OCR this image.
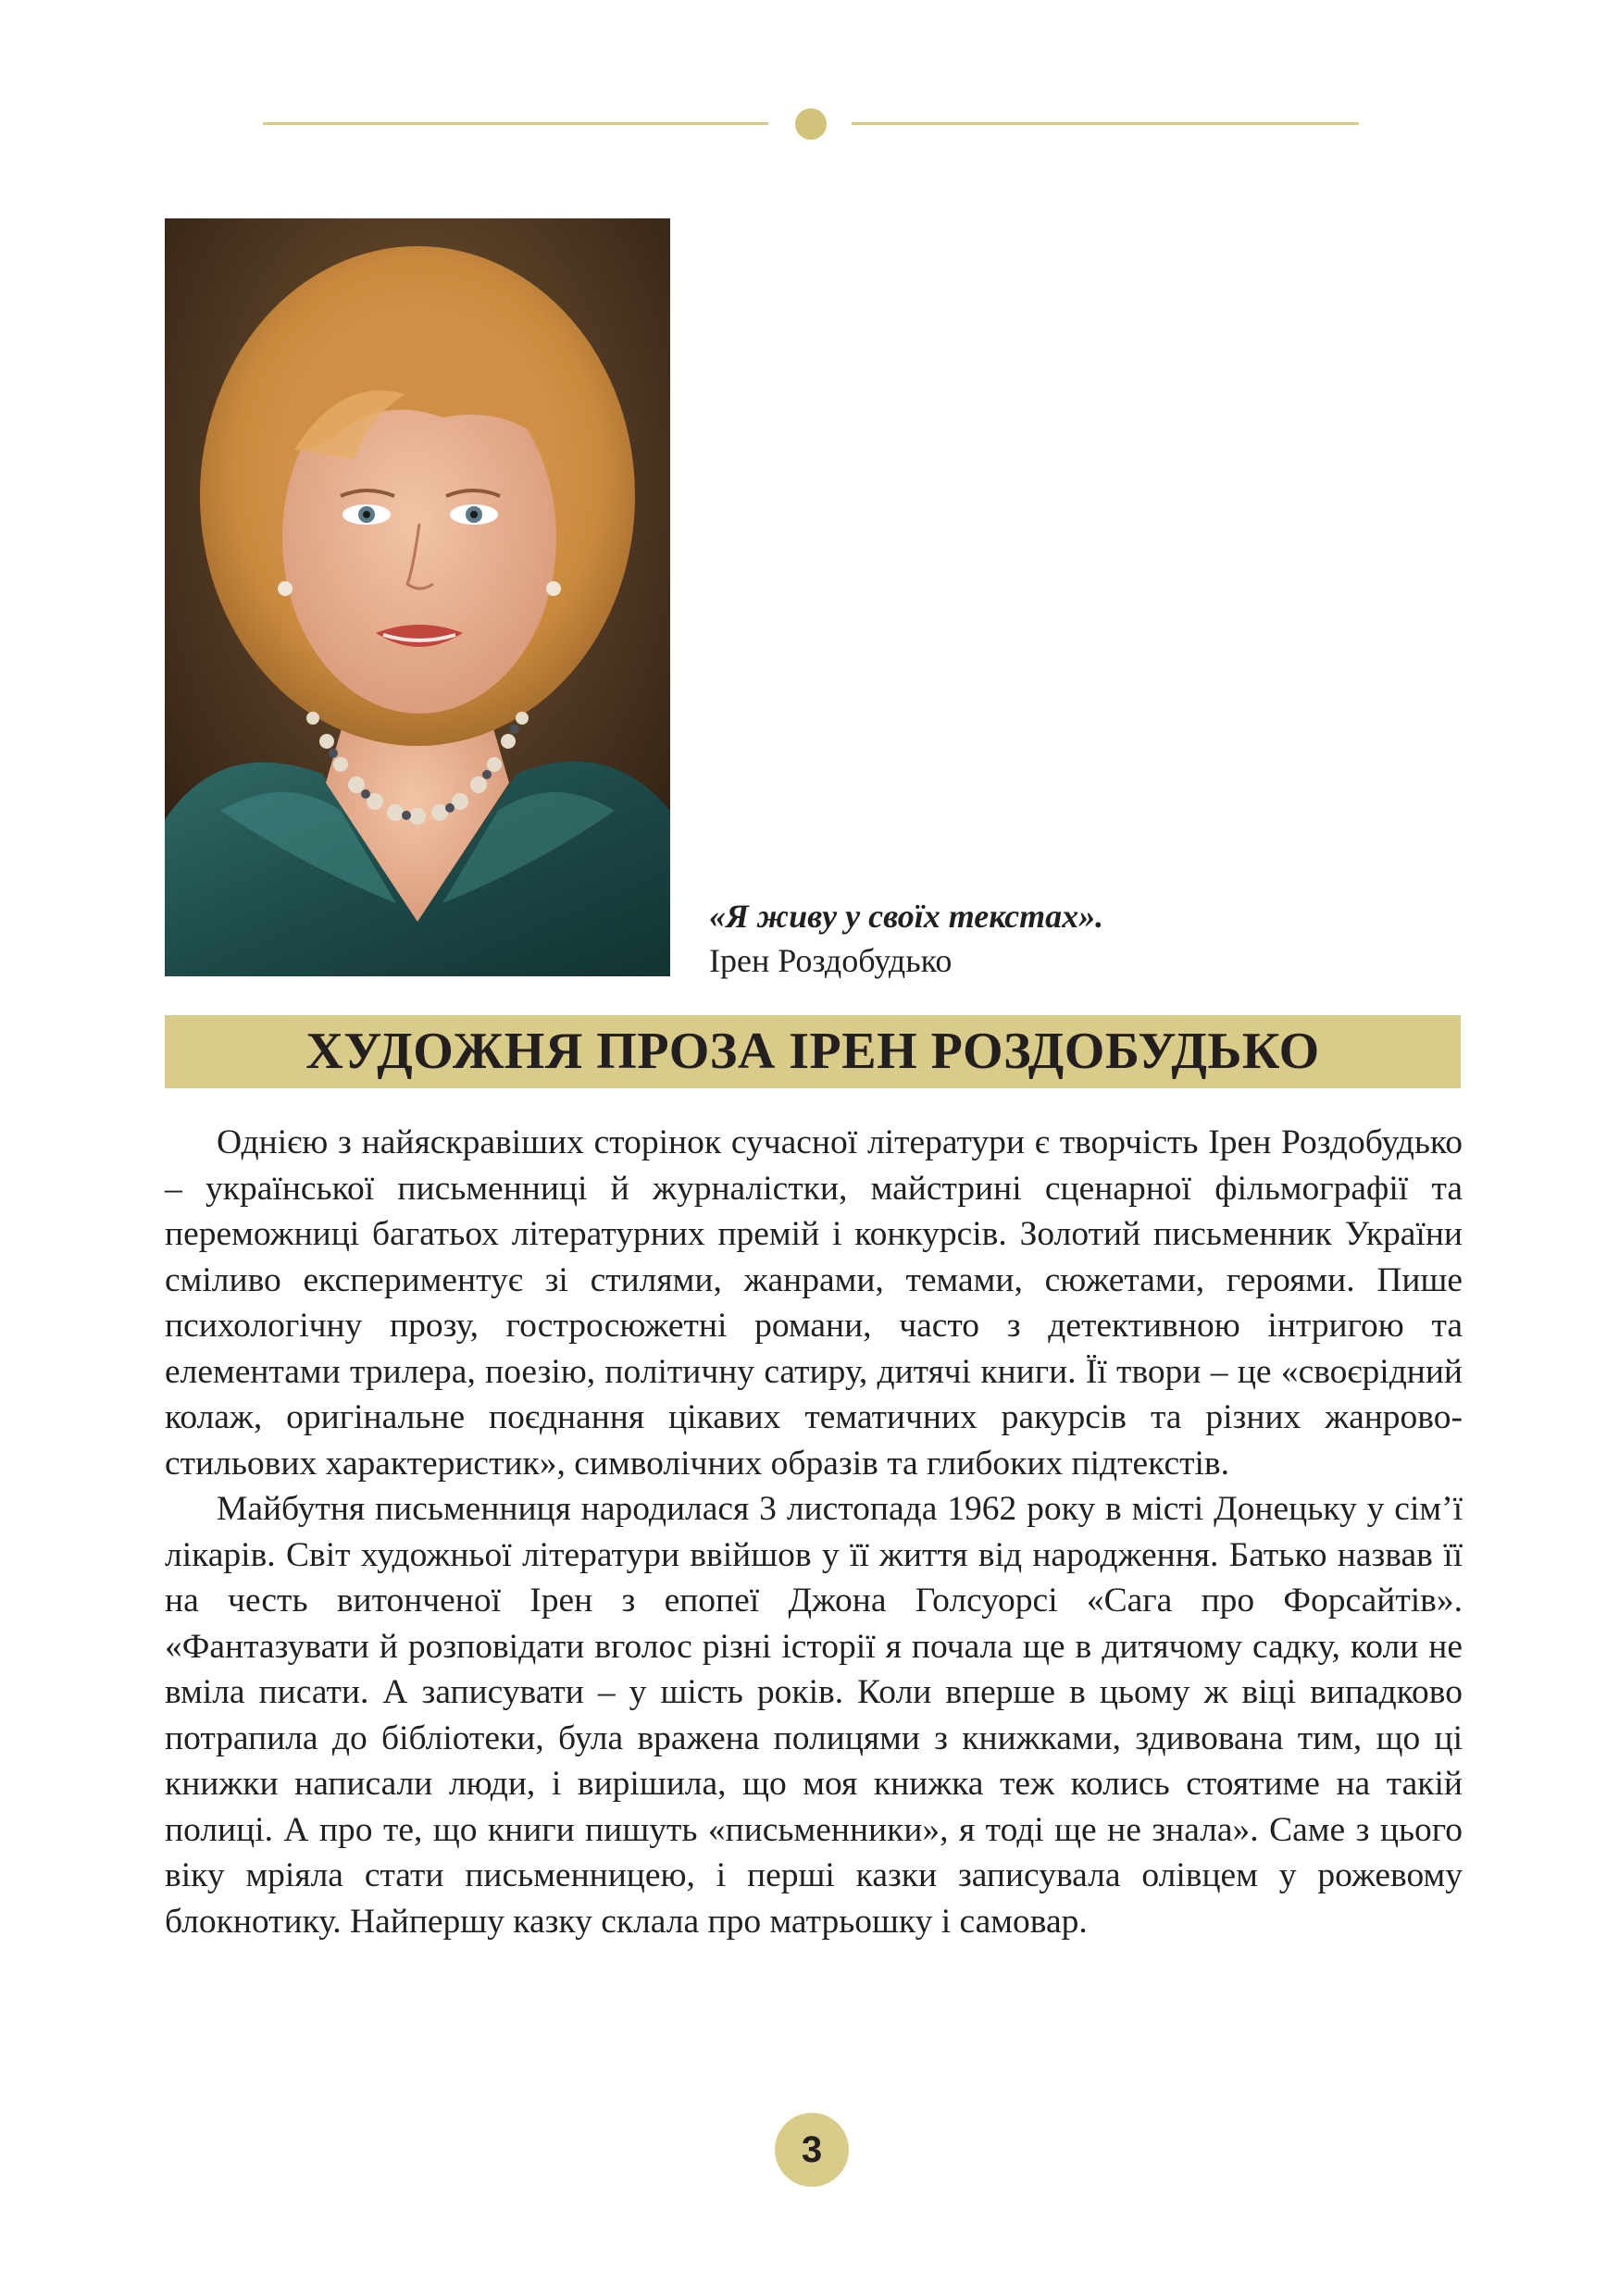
«Я живу у своїх текстах».
Ірен Роздобудько
ХУДОЖНЯ ПРОЗА ІРЕН РОЗДОБУДЬКО

Однією з найяскравіших сторінок сучасної літератури є творчість Ірен Роздобудько – української письменниці й журналістки, майстрині сценарної фільмографії та переможниці багатьох літературних премій і конкурсів. Золотий письменник України сміливо експериментує зі стилями, жанрами, темами, сюжетами, героями. Пише психологічну прозу, гостросюжетні романи, часто з детективною інтригою та елементами трилера, поезію, політичну сатиру, дитячі книги. Її твори – це «своєрідний колаж, оригінальне поєднання цікавих тематичних ракурсів та різних жанрово-стильових характеристик», символічних образів та глибоких підтекстів.

Майбутня письменниця народилася 3 листопада 1962 року в місті Донецьку у сім’ї лікарів. Світ художньої літератури ввійшов у її життя від народження. Батько назвав її на честь витонченої Ірен з епопеї Джона Голсуорсі «Сага про Форсайтів». «Фантазувати й розповідати вголос різні історії я почала ще в дитячому садку, коли не вміла писати. А записувати – у шість років. Коли вперше в цьому ж віці випадково потрапила до бібліотеки, була вражена полицями з книжками, здивована тим, що ці книжки написали люди, і вирішила, що моя книжка теж колись стоятиме на такій полиці. А про те, що книги пишуть «письменники», я тоді ще не знала». Саме з цього віку мріяла стати письменницею, і перші казки записувала олівцем у рожевому блокнотику. Найпершу казку склала про матрьошку і самовар.

3
